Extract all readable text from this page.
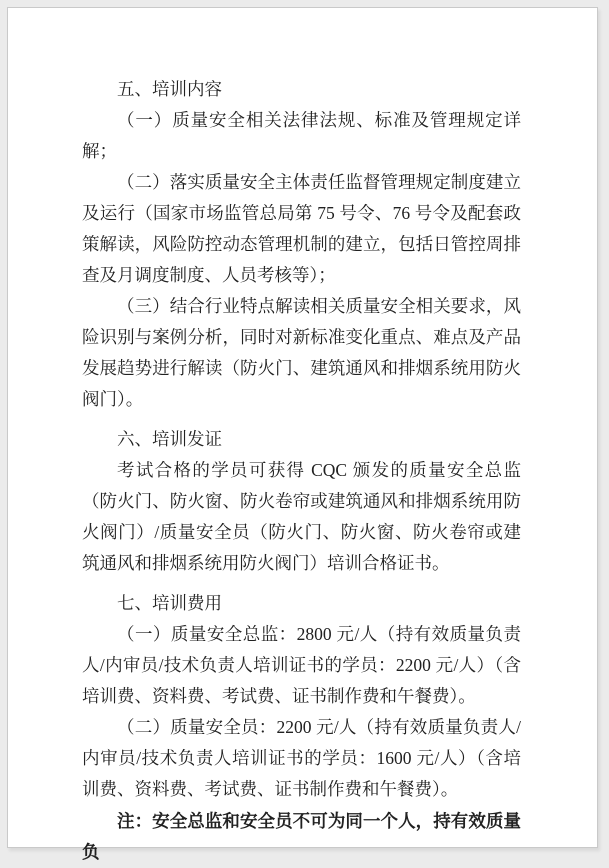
五、培训内容

（一）质量安全相关法律法规、标准及管理规定详解；

（二）落实质量安全主体责任监督管理规定制度建立及运行（国家市场监管总局第 75 号令、76 号令及配套政策解读，风险防控动态管理机制的建立，包括日管控周排查及月调度制度、人员考核等）；

（三）结合行业特点解读相关质量安全相关要求，风险识别与案例分析，同时对新标准变化重点、难点及产品发展趋势进行解读（防火门、建筑通风和排烟系统用防火阀门）。

六、培训发证

考试合格的学员可获得 CQC 颁发的质量安全总监（防火门、防火窗、防火卷帘或建筑通风和排烟系统用防火阀门）/质量安全员（防火门、防火窗、防火卷帘或建筑通风和排烟系统用防火阀门）培训合格证书。

七、培训费用

（一）质量安全总监：2800 元/人（持有效质量负责人/内审员/技术负责人培训证书的学员：2200 元/人）（含培训费、资料费、考试费、证书制作费和午餐费）。

（二）质量安全员：2200 元/人（持有效质量负责人/内审员/技术负责人培训证书的学员：1600 元/人）（含培训费、资料费、考试费、证书制作费和午餐费）。

注：安全总监和安全员不可为同一个人，持有效质量负
